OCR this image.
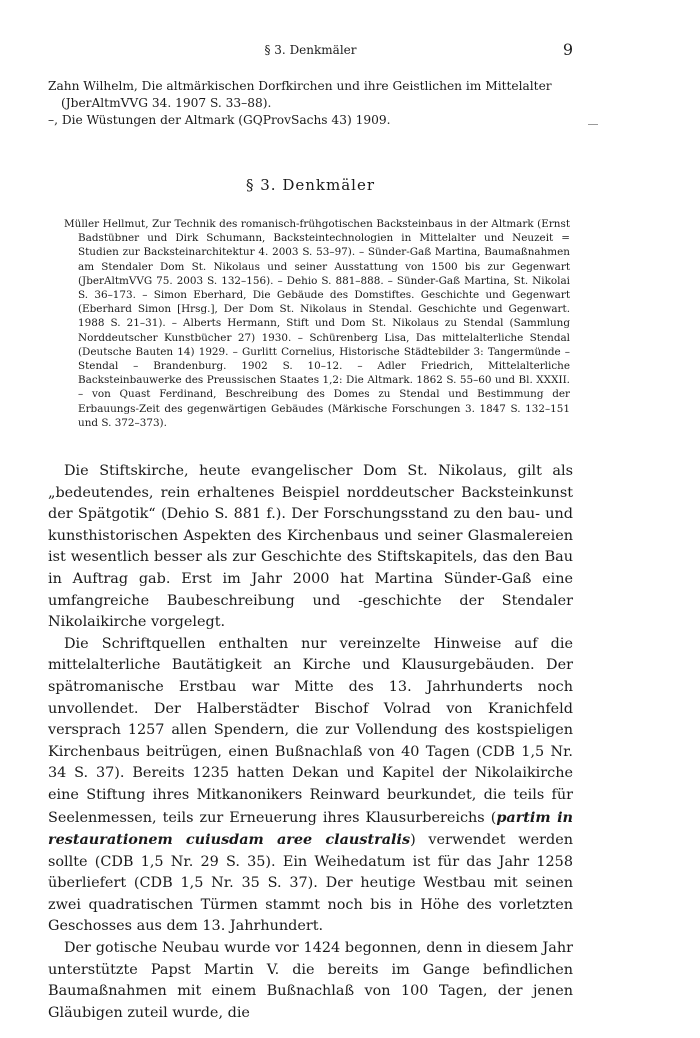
§ 3. Denkmäler	9

Zahn Wilhelm, Die altmärkischen Dorfkirchen und ihre Geistlichen im Mittelalter (JberAltmVVG 34. 1907 S. 33–88).

–, Die Wüstungen der Altmark (GQProvSachs 43) 1909.

§ 3. Denkmäler
Müller Hellmut, Zur Technik des romanisch-frühgotischen Backsteinbaus in der Altmark (Ernst Badstübner und Dirk Schumann, Backsteintechnologien in Mittelalter und Neuzeit = Studien zur Backsteinarchitektur 4. 2003 S. 53–97). – Sünder-Gaß Martina, Baumaßnahmen am Stendaler Dom St. Nikolaus und seiner Ausstattung von 1500 bis zur Gegenwart (JberAltmVVG 75. 2003 S. 132–156). – Dehio S. 881–888. – Sünder-Gaß Martina, St. Nikolai S. 36–173. – Simon Eberhard, Die Gebäude des Domstiftes. Geschichte und Gegenwart (Eberhard Simon [Hrsg.], Der Dom St. Nikolaus in Stendal. Geschichte und Gegenwart. 1988 S. 21–31). – Alberts Hermann, Stift und Dom St. Nikolaus zu Stendal (Sammlung Norddeutscher Kunstbücher 27) 1930. – Schürenberg Lisa, Das mittelalterliche Stendal (Deutsche Bauten 14) 1929. – Gurlitt Cornelius, Historische Städtebilder 3: Tangermünde – Stendal – Brandenburg. 1902 S. 10–12. – Adler Friedrich, Mittelalterliche Backsteinbauwerke des Preussischen Staates 1,2: Die Altmark. 1862 S. 55–60 und Bl. XXXII. – von Quast Ferdinand, Beschreibung des Domes zu Stendal und Bestimmung der Erbauungs-Zeit des gegenwärtigen Gebäudes (Märkische Forschungen 3. 1847 S. 132–151 und S. 372–373).

Die Stiftskirche, heute evangelischer Dom St. Nikolaus, gilt als „bedeutendes, rein erhaltenes Beispiel norddeutscher Backsteinkunst der Spätgotik“ (Dehio S. 881 f.). Der Forschungsstand zu den bau- und kunsthistorischen Aspekten des Kirchenbaus und seiner Glasmalereien ist wesentlich besser als zur Geschichte des Stiftskapitels, das den Bau in Auftrag gab. Erst im Jahr 2000 hat Martina Sünder-Gaß eine umfangreiche Baubeschreibung und -geschichte der Stendaler Nikolaikirche vorgelegt.

Die Schriftquellen enthalten nur vereinzelte Hinweise auf die mittelalterliche Bautätigkeit an Kirche und Klausurgebäuden. Der spätromanische Erstbau war Mitte des 13. Jahrhunderts noch unvollendet. Der Halberstädter Bischof Volrad von Kranichfeld versprach 1257 allen Spendern, die zur Vollendung des kostspieligen Kirchenbaus beitrügen, einen Bußnachlaß von 40 Tagen (CDB 1,5 Nr. 34 S. 37). Bereits 1235 hatten Dekan und Kapitel der Nikolaikirche eine Stiftung ihres Mitkanonikers Reinward beurkundet, die teils für Seelenmessen, teils zur Erneuerung ihres Klausurbereichs (partim in restaurationem cuiusdam aree claustralis) verwendet werden sollte (CDB 1,5 Nr. 29 S. 35). Ein Weihedatum ist für das Jahr 1258 überliefert (CDB 1,5 Nr. 35 S. 37). Der heutige Westbau mit seinen zwei quadratischen Türmen stammt noch bis in Höhe des vorletzten Geschosses aus dem 13. Jahrhundert.

Der gotische Neubau wurde vor 1424 begonnen, denn in diesem Jahr unterstützte Papst Martin V. die bereits im Gange befindlichen Baumaßnahmen mit einem Bußnachlaß von 100 Tagen, der jenen Gläubigen zuteil wurde, die
